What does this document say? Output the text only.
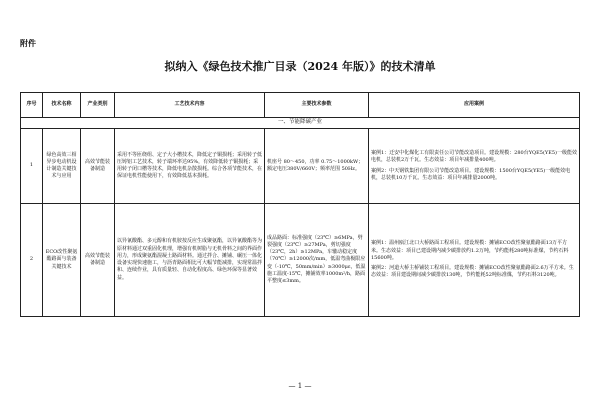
附件
拟纳入《绿色技术推广目录（2024 年版）》的技术清单
序号	技术名称	产业类别	工艺技术内容	主要技术参数	应用案例
一、节能降碳产业					
1	绿色高效三相异步电动机设计制造关键技术与应用	高效节能装备制造	采用不等匝绕组、定子大小槽技术，降低定子铜损耗；采用转子低压铸铝工艺技术，转子端环率达95%，有效降低转子铜损耗；采用转子闭口槽等技术，降低电机杂散损耗。综合各项节能技术，在保证电机性能使用下，有效降低基本损耗。	机座号 80～450，功率 0.75～1000kW；额定电压380V/660V；频率范围 50Hz。	案例1：迁安中化煤化工有限责任公司节能改造项目。建设规模：280台YQE5(YE5)一级能效电机，总装机2万千瓦。生态效益：项目年减排量400吨。
案例2：中天钢铁集团有限公司节能改造项目。建设规模：1500台YQE5(YE5)一级能效电机，总装机10万千瓦。生态效益：项目年减排量2000吨。

2	ECO改性聚氨酯路面与装备关键技术	高效节能装备制造	以异氰酸酯、多元醇和有机胺按反应生成聚氨酯，以异氰酸酯等为原材料通过双重固化机理，增强有机树脂与无机骨料之间的界面作用力，形成聚氨酯混凝土路面材料。通过拌合、摊铺、碾压一体化设备实现快速施工，与沥青路面相比可大幅节能减排，实现常温拌和、连续作业，具有质量轻、自动化程度高、绿色环保等显著效益。	成品路面：标准强度（23℃）≥6MPa，劈裂强度（23℃）≥27MPa，剪切强度（23℃，2h）≥12MPa，车辙动稳定度（70℃）≥12000次/mm，低温弯曲极限应变（-10℃，50mm/min）≥3000με，低温施工温度-15℃，摊铺效率1000m²/h，路面平整度≤3mm。	案例1：温州瓯江北口大桥路面工程项目。建设规模：摊铺ECO改性聚氨酯路面13万平方米。生态效益：项目已建设期内减少碳排放约1.2万吨，节约能耗280吨标准煤，节约石料15600吨。
案例2：河道大桥主桥铺装工程项目。建设规模：摊铺ECO改性聚氨酯路面2.6万平方米。生态效益：项目建设期间减少碳排放130吨，节约能耗52吨标准煤，节约石料3120吨。
— 1 —
